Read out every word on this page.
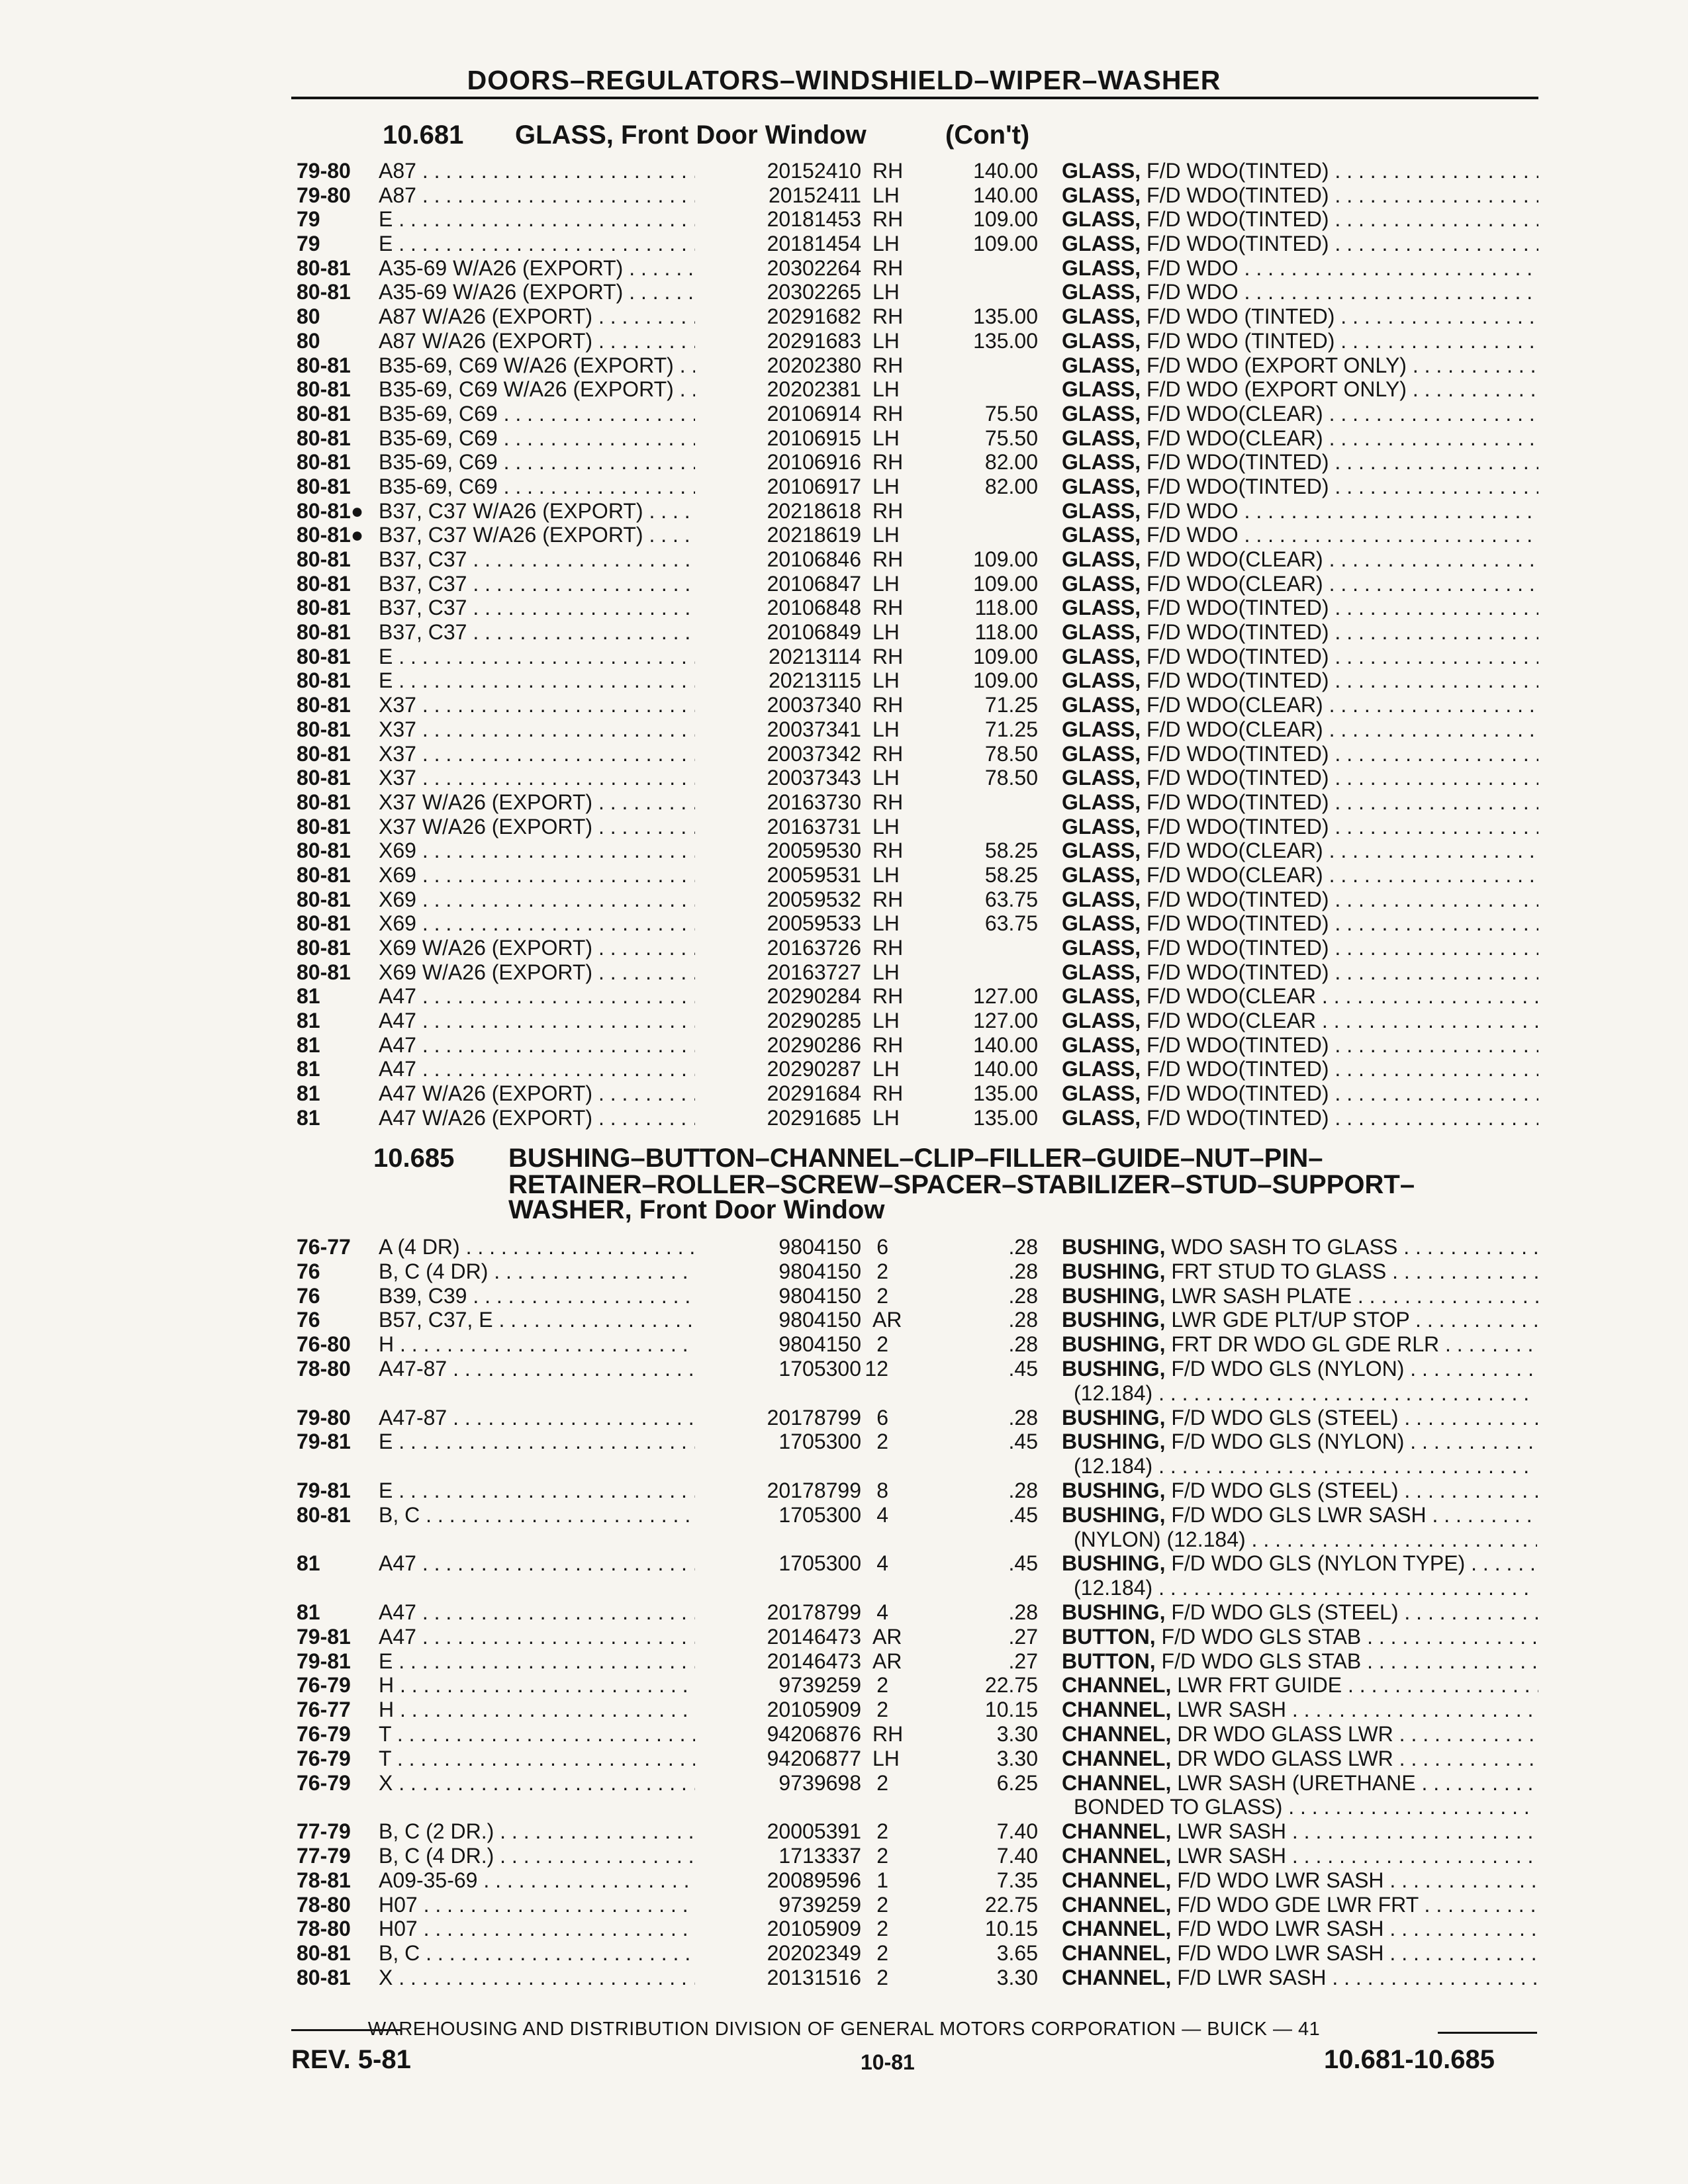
DOORS–REGULATORS–WINDSHIELD–WIPER–WASHER
10.681 GLASS, Front Door Window	(Con't)
79-80 A87 . . .	20152410 RH	140.00 GLASS, F/D WDO(TINTED) . . .
79-80 A87 . . .	20152411 LH	140.00 GLASS, F/D WDO(TINTED) . . .
79	E . . .	20181453 RH	109.00 GLASS, F/D WDO(TINTED) . . .
79	E . . .	20181454 LH	109.00 GLASS, F/D WDO(TINTED) . . .
80-81 A35-69 W/A26 (EXPORT) . . .	20302264 RH	GLASS, F/D WDO . . .
80-81 A35-69 W/A26 (EXPORT) . . .	20302265 LH	GLASS, F/D WDO . . .
80	A87 W/A26 (EXPORT) . . .	20291682 RH	135.00 GLASS, F/D WDO (TINTED) . . .
80	A87 W/A26 (EXPORT) . . .	20291683 LH	135.00 GLASS, F/D WDO (TINTED) . . .
80-81 B35-69, C69 W/A26 (EXPORT) . . .	20202380 RH	GLASS, F/D WDO (EXPORT ONLY) . . .
80-81 B35-69, C69 W/A26 (EXPORT) . . .	20202381 LH	GLASS, F/D WDO (EXPORT ONLY) . . .
80-81 B35-69, C69 . . .	20106914 RH	75.50 GLASS, F/D WDO(CLEAR) . . .
80-81 B35-69, C69 . . .	20106915 LH	75.50 GLASS, F/D WDO(CLEAR) . . .
80-81 B35-69, C69 . . .	20106916 RH	82.00 GLASS, F/D WDO(TINTED) . . .
80-81 B35-69, C69 . . .	20106917 LH	82.00 GLASS, F/D WDO(TINTED) . . .
80-81● B37, C37 W/A26 (EXPORT) . . .	20218618 RH	GLASS, F/D WDO . . .
80-81● B37, C37 W/A26 (EXPORT) . . .	20218619 LH	GLASS, F/D WDO . . .
80-81 B37, C37 . . .	20106846 RH	109.00 GLASS, F/D WDO(CLEAR) . . .
80-81 B37, C37 . . .	20106847 LH	109.00 GLASS, F/D WDO(CLEAR) . . .
80-81 B37, C37 . . .	20106848 RH	118.00 GLASS, F/D WDO(TINTED) . . .
80-81 B37, C37 . . .	20106849 LH	118.00 GLASS, F/D WDO(TINTED) . . .
80-81 E . . .	20213114 RH	109.00 GLASS, F/D WDO(TINTED) . . .
80-81 E . . .	20213115 LH	109.00 GLASS, F/D WDO(TINTED) . . .
80-81 X37 . . .	20037340 RH	71.25 GLASS, F/D WDO(CLEAR) . . .
80-81 X37 . . .	20037341 LH	71.25 GLASS, F/D WDO(CLEAR) . . .
80-81 X37 . . .	20037342 RH	78.50 GLASS, F/D WDO(TINTED) . . .
80-81 X37 . . .	20037343 LH	78.50 GLASS, F/D WDO(TINTED) . . .
80-81 X37 W/A26 (EXPORT) . . .	20163730 RH	GLASS, F/D WDO(TINTED) . . .
80-81 X37 W/A26 (EXPORT) . . .	20163731 LH	GLASS, F/D WDO(TINTED) . . .
80-81 X69 . . .	20059530 RH	58.25 GLASS, F/D WDO(CLEAR) . . .
80-81 X69 . . .	20059531 LH	58.25 GLASS, F/D WDO(CLEAR) . . .
80-81 X69 . . .	20059532 RH	63.75 GLASS, F/D WDO(TINTED) . . .
80-81 X69 . . .	20059533 LH	63.75 GLASS, F/D WDO(TINTED) . . .
80-81 X69 W/A26 (EXPORT) . . .	20163726 RH	GLASS, F/D WDO(TINTED) . . .
80-81 X69 W/A26 (EXPORT) . . .	20163727 LH	GLASS, F/D WDO(TINTED) . . .
81	A47 . . .	20290284 RH	127.00 GLASS, F/D WDO(CLEAR . . .
81	A47 . . .	20290285 LH	127.00 GLASS, F/D WDO(CLEAR . . .
81	A47 . . .	20290286 RH	140.00 GLASS, F/D WDO(TINTED) . . .
81	A47 . . .	20290287 LH	140.00 GLASS, F/D WDO(TINTED) . . .
81	A47 W/A26 (EXPORT) . . .	20291684 RH	135.00 GLASS, F/D WDO(TINTED) . . .
81	A47 W/A26 (EXPORT) . . .	20291685 LH	135.00 GLASS, F/D WDO(TINTED) . . .
10.685 BUSHING–BUTTON–CHANNEL–CLIP–FILLER–GUIDE–NUT–PIN–
RETAINER–ROLLER–SCREW–SPACER–STABILIZER–STUD–SUPPORT–
WASHER, Front Door Window
76-77 A (4 DR) . . .	9804150 6	.28 BUSHING, WDO SASH TO GLASS . . .
76	B, C (4 DR) . . .	9804150 2	.28 BUSHING, FRT STUD TO GLASS . . .
76	B39, C39 . . .	9804150 2	.28 BUSHING, LWR SASH PLATE . . .
76	B57, C37, E . . .	9804150 AR	.28 BUSHING, LWR GDE PLT/UP STOP . . .
76-80 H . . .	9804150 2	.28 BUSHING, FRT DR WDO GL GDE RLR . . .
78-80 A47-87 . . .	1705300 12	.45 BUSHING, F/D WDO GLS (NYLON) . . .
(12.184) . . .
79-80 A47-87 . . .	20178799 6	.28 BUSHING, F/D WDO GLS (STEEL) . . .
79-81 E . . .	1705300 2	.45 BUSHING, F/D WDO GLS (NYLON) . . .
(12.184) . . .
79-81 E . . .	20178799 8	.28 BUSHING, F/D WDO GLS (STEEL) . . .
80-81 B, C . . .	1705300 4	.45 BUSHING, F/D WDO GLS LWR SASH . . .
(NYLON) (12.184) . . .
81	A47 . . .	1705300 4	.45 BUSHING, F/D WDO GLS (NYLON TYPE) . . .
(12.184) . . .
81	A47 . . .	20178799 4	.28 BUSHING, F/D WDO GLS (STEEL) . . .
79-81 A47 . . .	20146473 AR	.27 BUTTON, F/D WDO GLS STAB . . .
79-81 E . . .	20146473 AR	.27 BUTTON, F/D WDO GLS STAB . . .
76-79 H . . .	9739259 2	22.75 CHANNEL, LWR FRT GUIDE . . .
76-77 H . . .	20105909 2	10.15 CHANNEL, LWR SASH . . .
76-79 T . . .	94206876 RH	3.30 CHANNEL, DR WDO GLASS LWR . . .
76-79 T . . .	94206877 LH	3.30 CHANNEL, DR WDO GLASS LWR . . .
76-79 X . . .	9739698 2	6.25 CHANNEL, LWR SASH (URETHANE . . .
BONDED TO GLASS) . . .
77-79 B, C (2 DR.) . . .	20005391 2	7.40 CHANNEL, LWR SASH . . .
77-79 B, C (4 DR.) . . .	1713337 2	7.40 CHANNEL, LWR SASH . . .
78-81 A09-35-69 . . .	20089596 1	7.35 CHANNEL, F/D WDO LWR SASH . . .
78-80 H07 . . .	9739259 2	22.75 CHANNEL, F/D WDO GDE LWR FRT . . .
78-80 H07 . . .	20105909 2	10.15 CHANNEL, F/D WDO LWR SASH . . .
80-81 B, C . . .	20202349 2	3.65 CHANNEL, F/D WDO LWR SASH . . .
80-81 X . . .	20131516 2	3.30 CHANNEL, F/D LWR SASH . . .
WAREHOUSING AND DISTRIBUTION DIVISION OF GENERAL MOTORS CORPORATION — BUICK — 41
REV. 5-81	10-81	10.681-10.685
